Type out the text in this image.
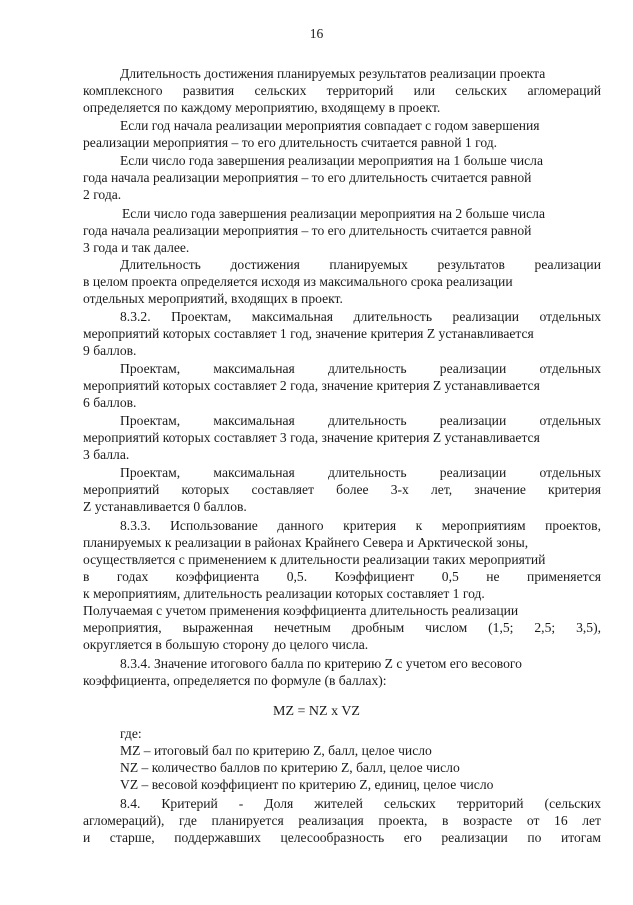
16
Длительность достижения планируемых результатов реализации проекта
комплексного развития сельских территорий или сельских агломераций
определяется по каждому мероприятию, входящему в проект.
Если год начала реализации мероприятия совпадает с годом завершения
реализации мероприятия – то его длительность считается равной 1 год.
Если число года завершения реализации мероприятия на 1 больше числа
года начала реализации мероприятия – то его длительность считается равной
2 года.
Если число года завершения реализации мероприятия на 2 больше числа
года начала реализации мероприятия – то его длительность считается равной
3 года и так далее.
Длительность достижения планируемых результатов реализации
в целом проекта определяется исходя из максимального срока реализации
отдельных мероприятий, входящих в проект.
8.3.2. Проектам, максимальная длительность реализации отдельных
мероприятий которых составляет 1 год, значение критерия Z устанавливается
9 баллов.
Проектам, максимальная длительность реализации отдельных
мероприятий которых составляет 2 года, значение критерия Z устанавливается
6 баллов.
Проектам, максимальная длительность реализации отдельных
мероприятий которых составляет 3 года, значение критерия Z устанавливается
3 балла.
Проектам, максимальная длительность реализации отдельных
мероприятий которых составляет более 3-х лет, значение критерия
Z устанавливается 0 баллов.
8.3.3. Использование данного критерия к мероприятиям проектов,
планируемых к реализации в районах Крайнего Севера и Арктической зоны,
осуществляется с применением к длительности реализации таких мероприятий
в годах коэффициента 0,5. Коэффициент 0,5 не применяется
к мероприятиям, длительность реализации которых составляет 1 год.
Получаемая с учетом применения коэффициента длительность реализации
мероприятия, выраженная нечетным дробным числом (1,5; 2,5; 3,5),
округляется в большую сторону до целого числа.
8.3.4. Значение итогового балла по критерию Z с учетом его весового
коэффициента, определяется по формуле (в баллах):
MZ = NZ x VZ
где:
MZ – итоговый бал по критерию Z, балл, целое число
NZ – количество баллов по критерию Z, балл, целое число
VZ – весовой коэффициент по критерию Z, единиц, целое число
8.4. Критерий - Доля жителей сельских территорий (сельских
агломераций), где планируется реализация проекта, в возрасте от 16 лет
и старше, поддержавших целесообразность его реализации по итогам
